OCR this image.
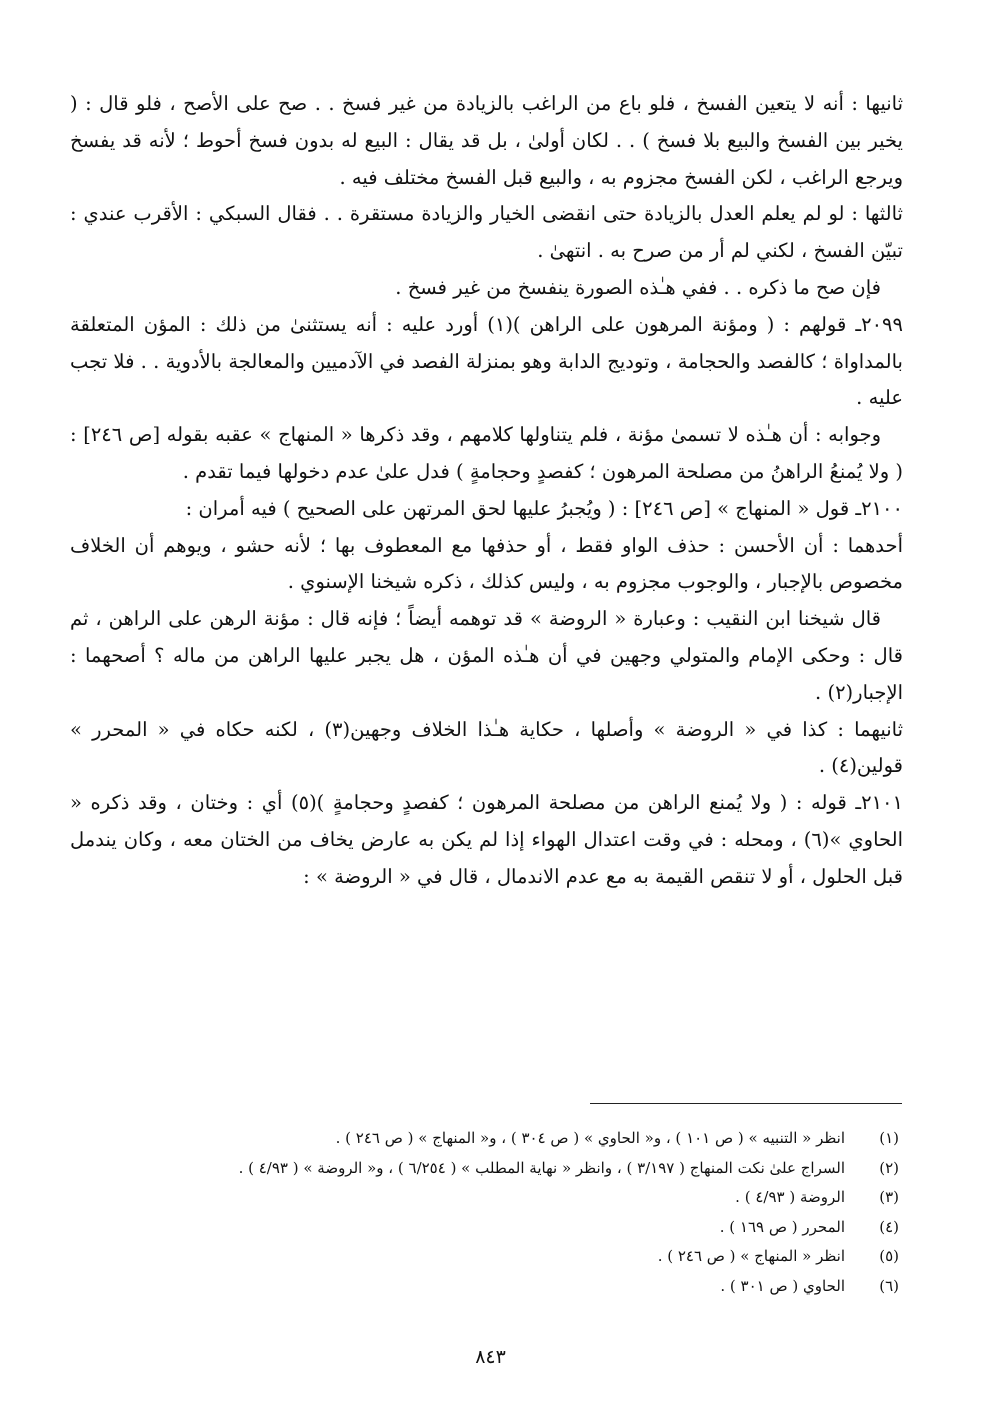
ثانيها : أنه لا يتعين الفسخ ، فلو باع من الراغب بالزيادة من غير فسخ . . صح على الأصح ، فلو قال : ( يخير بين الفسخ والبيع بلا فسخ ) . . لكان أولىٰ ، بل قد يقال : البيع له بدون فسخ أحوط ؛ لأنه قد يفسخ ويرجع الراغب ، لكن الفسخ مجزوم به ، والبيع قبل الفسخ مختلف فيه .

ثالثها : لو لم يعلم العدل بالزيادة حتى انقضى الخيار والزيادة مستقرة . . فقال السبكي : الأقرب عندي : تبيّن الفسخ ، لكني لم أر من صرح به . انتهىٰ .

فإن صح ما ذكره . . ففي هـٰذه الصورة ينفسخ من غير فسخ .

٢٠٩٩ـ قولهم : ( ومؤنة المرهون على الراهن )(١) أورد عليه : أنه يستثنىٰ من ذلك : المؤن المتعلقة بالمداواة ؛ كالفصد والحجامة ، وتوديج الدابة وهو بمنزلة الفصد في الآدميين والمعالجة بالأدوية . . فلا تجب عليه .

وجوابه : أن هـٰذه لا تسمىٰ مؤنة ، فلم يتناولها كلامهم ، وقد ذكرها « المنهاج » عقبه بقوله [ص ٢٤٦] : ( ولا يُمنعُ الراهنُ من مصلحة المرهون ؛ كفصدٍ وحجامةٍ ) فدل علىٰ عدم دخولها فيما تقدم .

٢١٠٠ـ قول « المنهاج » [ص ٢٤٦] : ( ويُجبرُ عليها لحق المرتهن على الصحيح ) فيه أمران :

أحدهما : أن الأحسن : حذف الواو فقط ، أو حذفها مع المعطوف بها ؛ لأنه حشو ، ويوهم أن الخلاف مخصوص بالإجبار ، والوجوب مجزوم به ، وليس كذلك ، ذكره شيخنا الإسنوي .

قال شيخنا ابن النقيب : وعبارة « الروضة » قد توهمه أيضاً ؛ فإنه قال : مؤنة الرهن على الراهن ، ثم قال : وحكى الإمام والمتولي وجهين في أن هـٰذه المؤن ، هل يجبر عليها الراهن من ماله ؟ أصحهما : الإجبار(٢) .

ثانيهما : كذا في « الروضة » وأصلها ، حكاية هـٰذا الخلاف وجهين(٣) ، لكنه حكاه في « المحرر » قولين(٤) .

٢١٠١ـ قوله : ( ولا يُمنع الراهن من مصلحة المرهون ؛ كفصدٍ وحجامةٍ )(٥) أي : وختان ، وقد ذكره « الحاوي »(٦) ، ومحله : في وقت اعتدال الهواء إذا لم يكن به عارض يخاف من الختان معه ، وكان يندمل قبل الحلول ، أو لا تنقص القيمة به مع عدم الاندمال ، قال في « الروضة » :

(١)
انظر « التنبيه » ( ص ١٠١ ) ، و« الحاوي » ( ص ٣٠٤ ) ، و« المنهاج » ( ص ٢٤٦ ) .
(٢)
السراج علىٰ نكت المنهاج ( ٣/١٩٧ ) ، وانظر « نهاية المطلب » ( ٦/٢٥٤ ) ، و« الروضة » ( ٤/٩٣ ) .
(٣)
الروضة ( ٤/٩٣ ) .
(٤)
المحرر ( ص ١٦٩ ) .
(٥)
انظر « المنهاج » ( ص ٢٤٦ ) .
(٦)
الحاوي ( ص ٣٠١ ) .
٨٤٣
